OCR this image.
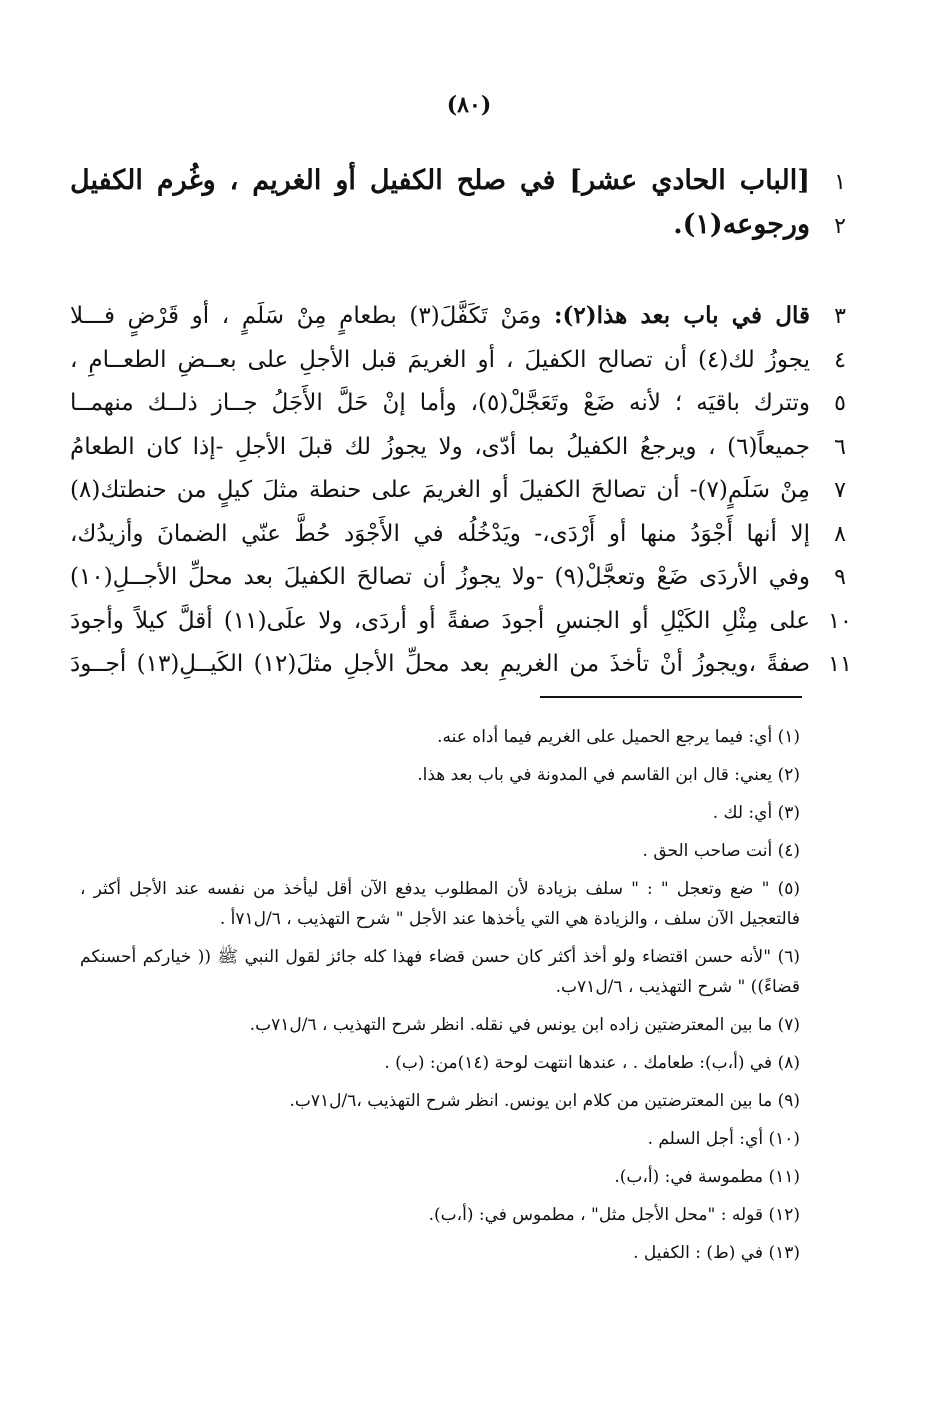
(٨٠)
١
[الباب الحادي عشر] في صلح الكفيل أو الغريم ، وغُرم الكفيل
٢
ورجوعه(١).
٣
قال في باب بعد هذا(٢): ومَنْ تَكَفَّلَ(٣) بطعامٍ مِنْ سَلَمٍ ، أو قَرْضٍ فـــلا
٤
يجوزُ لك(٤) أن تصالح الكفيلَ ، أو الغريمَ قبل الأجلِ على بعــضِ الطعــامِ ،
٥
وتترك باقيَه ؛ لأنه ضَعْ وتَعَجَّلْ(٥)، وأما إنْ حَلَّ الأَجَلُ جــاز ذلــك منهمــا
٦
جميعاً(٦) ، ويرجعُ الكفيلُ بما أدّى، ولا يجوزُ لك قبلَ الأجلِ -إذا كان الطعامُ
٧
مِنْ سَلَمٍ(٧)- أن تصالحَ الكفيلَ أو الغريمَ على حنطة مثلَ كيلٍ من حنطتك(٨)
٨
إلا أنها أَجْوَدُ منها أو أَرْدَى،- ويَدْخُلُه في الأَجْوَد حُطَّ عنّي الضمانَ وأزيدُك،
٩
وفي الأردَى ضَعْ وتعجَّلْ(٩) -ولا يجوزُ أن تصالحَ الكفيلَ بعد محلِّ الأجــلِ(١٠)
١٠
على مِثْلِ الكَيْلِ أو الجنسِ أجودَ صفةً أو أردَى، ولا علَى(١١) أقلَّ كيلاً وأجودَ
١١
صفةً ،ويجوزُ أنْ تأخذَ من الغريمِ بعد محلِّ الأجلِ مثلَ(١٢) الكَيــلِ(١٣) أجــودَ
(١) أي: فيما يرجع الحميل على الغريم فيما أداه عنه.
(٢) يعني: قال ابن القاسم في المدونة في باب بعد هذا.
(٣) أي: لك .
(٤) أنت صاحب الحق .
(٥) " ضع وتعجل " : " سلف بزيادة لأن المطلوب يدفع الآن أقل ليأخذ من نفسه عند الأجل أكثر ، فالتعجيل الآن سلف ، والزيادة هي التي يأخذها عند الأجل " شرح التهذيب ، ٦/ل٧١أ .
(٦) "لأنه حسن اقتضاء ولو أخذ أكثر كان حسن قضاء فهذا كله جائز لقول النبي ﷺ (( خياركم أحسنكم قضاءً)) " شرح التهذيب ، ٦/ل٧١ب.
(٧) ما بين المعترضتين زاده ابن يونس في نقله. انظر شرح التهذيب ، ٦/ل٧١ب.
(٨) في (أ،ب): طعامك . ، عندها انتهت لوحة (١٤)من: (ب) .
(٩) ما بين المعترضتين من كلام ابن يونس. انظر شرح التهذيب ،٦/ل٧١ب.
(١٠) أي: أجل السلم .
(١١) مطموسة في: (أ،ب).
(١٢) قوله : "محل الأجل مثل" ، مطموس في: (أ،ب).
(١٣) في (ط) : الكفيل .
